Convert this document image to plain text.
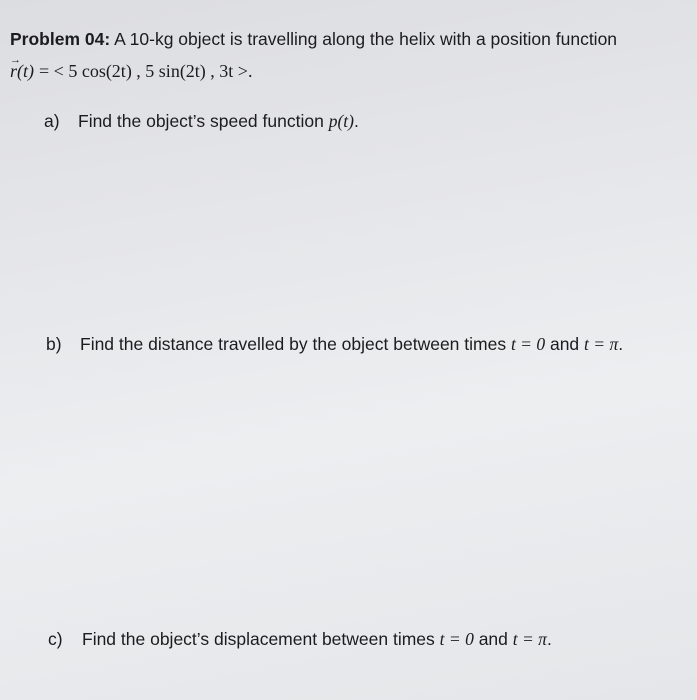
Problem 04: A 10-kg object is travelling along the helix with a position function
→ r(t) = < 5 cos(2t) , 5 sin(2t) , 3t >.
a) Find the object’s speed function p(t).
b) Find the distance travelled by the object between times t = 0 and t = π.
c) Find the object’s displacement between times t = 0 and t = π.
